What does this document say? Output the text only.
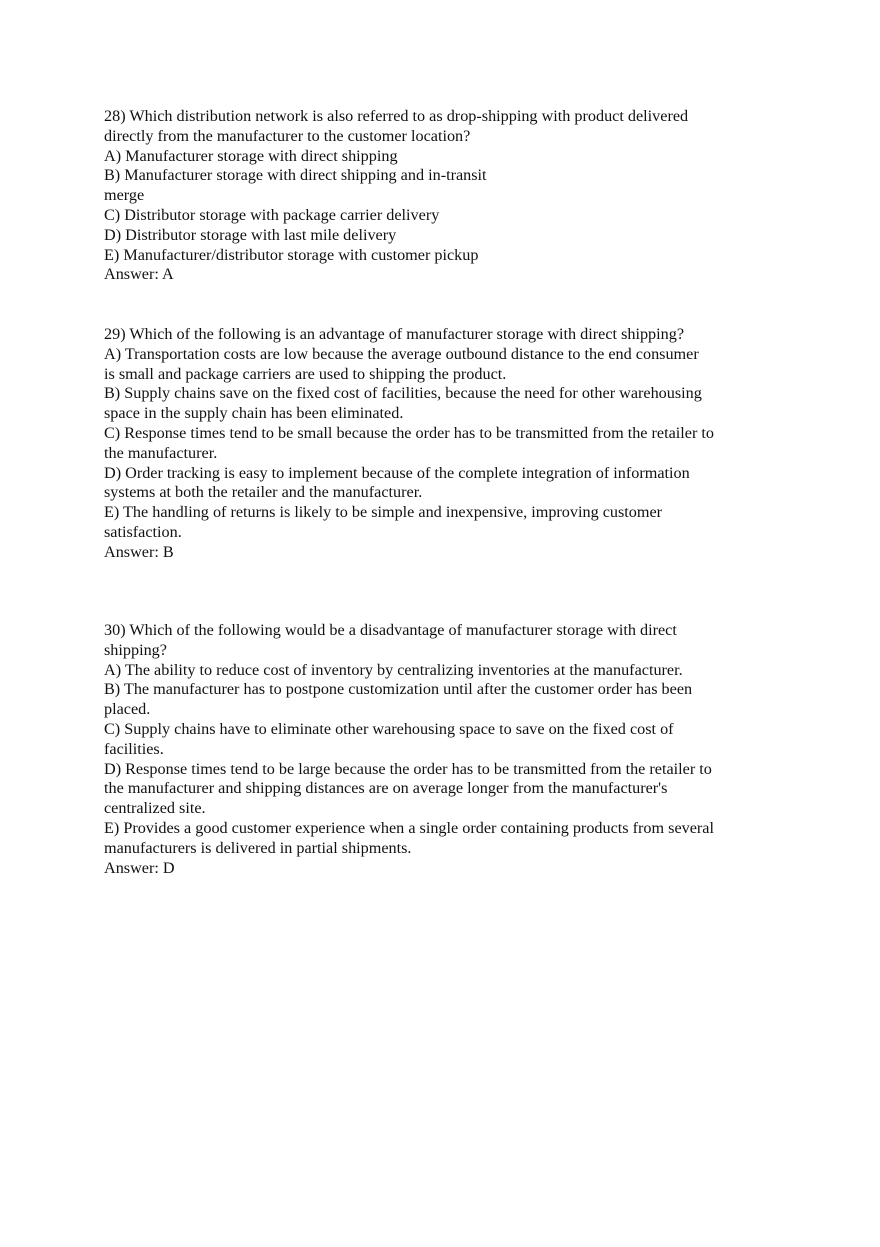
28) Which distribution network is also referred to as drop-shipping with product delivered
directly from the manufacturer to the customer location?
A) Manufacturer storage with direct shipping
B) Manufacturer storage with direct shipping and in-transit
merge
C) Distributor storage with package carrier delivery
D) Distributor storage with last mile delivery
E) Manufacturer/distributor storage with customer pickup
Answer: A
29) Which of the following is an advantage of manufacturer storage with direct shipping?
A) Transportation costs are low because the average outbound distance to the end consumer
is small and package carriers are used to shipping the product.
B) Supply chains save on the fixed cost of facilities, because the need for other warehousing
space in the supply chain has been eliminated.
C) Response times tend to be small because the order has to be transmitted from the retailer to
the manufacturer.
D) Order tracking is easy to implement because of the complete integration of information
systems at both the retailer and the manufacturer.
E) The handling of returns is likely to be simple and inexpensive, improving customer
satisfaction.
Answer: B
30) Which of the following would be a disadvantage of manufacturer storage with direct
shipping?
A) The ability to reduce cost of inventory by centralizing inventories at the manufacturer.
B) The manufacturer has to postpone customization until after the customer order has been
placed.
C) Supply chains have to eliminate other warehousing space to save on the fixed cost of
facilities.
D) Response times tend to be large because the order has to be transmitted from the retailer to
the manufacturer and shipping distances are on average longer from the manufacturer's
centralized site.
E) Provides a good customer experience when a single order containing products from several
manufacturers is delivered in partial shipments.
Answer: D
